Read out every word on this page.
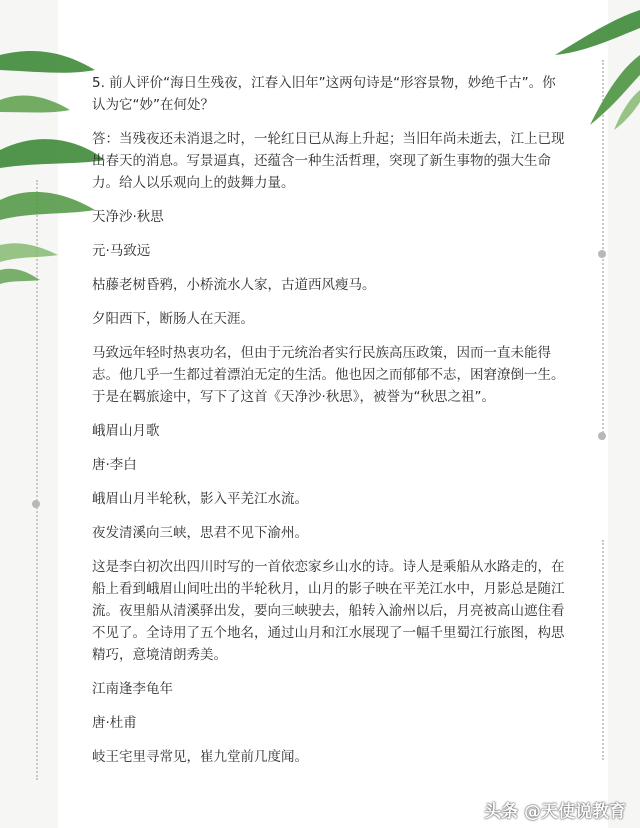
5. 前人评价“海日生残夜，江春入旧年”这两句诗是“形容景物，妙绝千古”。你认为它“妙”在何处？

答：当残夜还未消退之时，一轮红日已从海上升起；当旧年尚未逝去，江上已现出春天的消息。写景逼真，还蕴含一种生活哲理，突现了新生事物的强大生命力。给人以乐观向上的鼓舞力量。

天净沙·秋思

元·马致远

枯藤老树昏鸦，小桥流水人家，古道西风瘦马。

夕阳西下，断肠人在天涯。

马致远年轻时热衷功名，但由于元统治者实行民族高压政策，因而一直未能得志。他几乎一生都过着漂泊无定的生活。他也因之而郁郁不志，困窘潦倒一生。于是在羁旅途中，写下了这首《天净沙·秋思》，被誉为“秋思之祖”。

峨眉山月歌

唐·李白

峨眉山月半轮秋，影入平羌江水流。

夜发清溪向三峡，思君不见下渝州。

这是李白初次出四川时写的一首依恋家乡山水的诗。诗人是乘船从水路走的，在船上看到峨眉山间吐出的半轮秋月，山月的影子映在平羌江水中，月影总是随江流。夜里船从清溪驿出发，要向三峡驶去，船转入渝州以后，月亮被高山遮住看不见了。全诗用了五个地名，通过山月和江水展现了一幅千里蜀江行旅图，构思精巧，意境清朗秀美。

江南逢李龟年

唐·杜甫

岐王宅里寻常见，崔九堂前几度闻。

头条 @天使说教育
